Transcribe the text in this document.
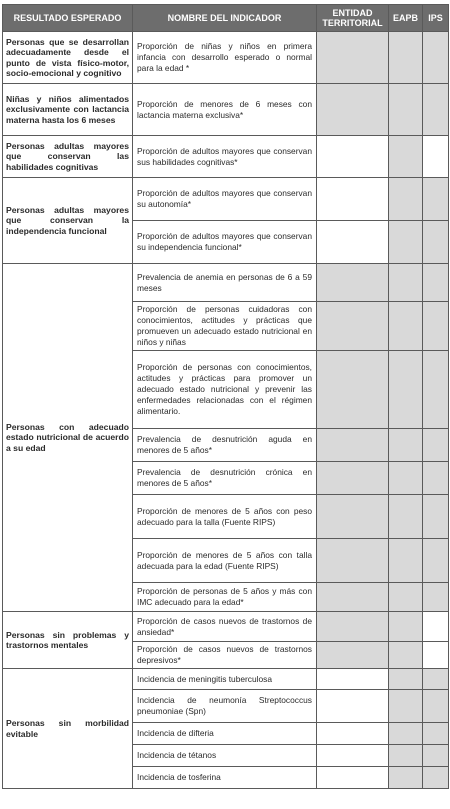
RESULTADO ESPERADO	NOMBRE DEL INDICADOR	ENTIDAD TERRITORIAL	EAPB	IPS
Personas que se desarrollan adecuadamente desde el punto de vista físico-motor, socio-emocional y cognitivo	Proporción de niñas y niños en primera infancia con desarrollo esperado o normal para la edad *			
Niñas y niños alimentados exclusivamente con lactancia materna hasta los 6 meses	Proporción de menores de 6 meses con lactancia materna exclusiva*			
Personas adultas mayores que conservan las habilidades cognitivas	Proporción de adultos mayores que conservan sus habilidades cognitivas*			
Personas adultas mayores que conservan la independencia funcional	Proporción de adultos mayores que conservan su autonomía*			
	Proporción de adultos mayores que conservan su independencia funcional*			
Personas con adecuado estado nutricional de acuerdo a su edad	Prevalencia de anemia en personas de 6 a 59 meses			
	Proporción de personas cuidadoras con conocimientos, actitudes y prácticas que promueven un adecuado estado nutricional en niños y niñas			
	Proporción de personas con conocimientos, actitudes y prácticas para promover un adecuado estado nutricional y prevenir las enfermedades relacionadas con el régimen alimentario.			
	Prevalencia de desnutrición aguda en menores de 5 años*			
	Prevalencia de desnutrición crónica en menores de 5 años*			
	Proporción de menores de 5 años con peso adecuado para la talla (Fuente RIPS)			
	Proporción de menores de 5 años con talla adecuada para la edad (Fuente RIPS)			
	Proporción de personas de 5 años y más con IMC adecuado para la edad*			
Personas sin problemas y trastornos mentales	Proporción de casos nuevos de trastornos de ansiedad*			
	Proporción de casos nuevos de trastornos depresivos*			
Personas sin morbilidad evitable	Incidencia de meningitis tuberculosa			
	Incidencia de neumonía Streptococcus pneumoniae (Spn)			
	Incidencia de difteria			
	Incidencia de tétanos			
	Incidencia de tosferina			
